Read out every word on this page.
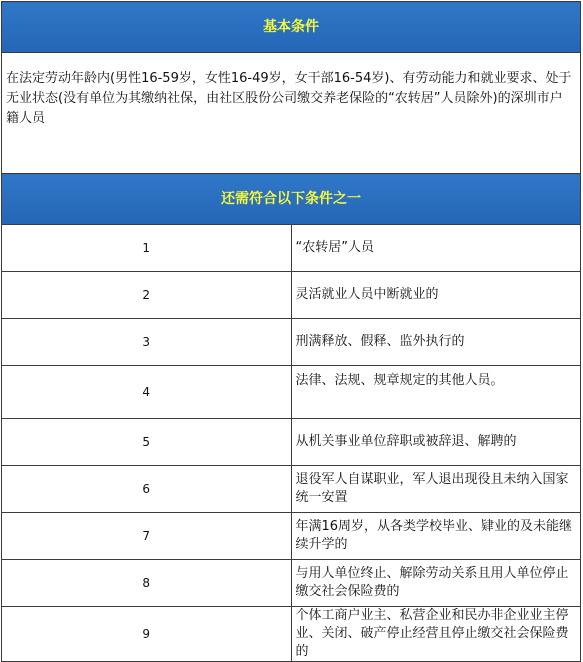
基本条件	
在法定劳动年龄内(男性16-59岁，女性16-49岁，女干部16-54岁)、有劳动能力和就业要求、处于无业状态(没有单位为其缴纳社保，由社区股份公司缴交养老保险的“农转居”人员除外)的深圳市户籍人员	
还需符合以下条件之一	
1	“农转居”人员
2	灵活就业人员中断就业的
3	刑满释放、假释、监外执行的
4	法律、法规、规章规定的其他人员。
5	从机关事业单位辞职或被辞退、解聘的
6	退役军人自谋职业，军人退出现役且未纳入国家统一安置
7	年满16周岁，从各类学校毕业、肄业的及未能继续升学的
8	与用人单位终止、解除劳动关系且用人单位停止缴交社会保险费的
9	个体工商户业主、私营企业和民办非企业业主停业、关闭、破产停止经营且停止缴交社会保险费的
